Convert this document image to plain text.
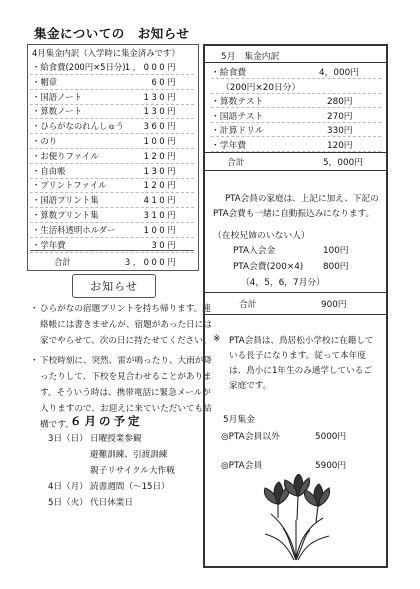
集金についての　お知らせ
4月集金内訳（入学時に集金済みです）
・給食費(200円×5日分) 1，000円
・帽章	60円
・国語ノート	130円
・算数ノート	130円
・ひらがなのれんしゅう 360円
・のり	100円
・お便りファイル	120円
・自由帳	130円
・プリントファイル	120円
・国語プリント集	410円
・算数プリント集	310円
・生活科透明ホルダー	100円
・学年費	30円
合計	3，000円
お知らせ
・ ひらがなの宿題プリントを持ち帰ります。連絡帳には書きませんが、宿題があった日には家でやらせて、次の日に持たせてください。
・ 下校時刻に、突然、雷が鳴ったり、大雨が降ったりして、下校を見合わせることがあります。そういう時は、携帯電話に緊急メールが入りますので、お迎えに来ていただいても結構です。
６月の予定
3日（日） 日曜授業参観
避難訓練、引渡訓練
親子リサイクル大作戦
4日（月） 読書週間（～15日）
5日（火） 代日休業日
5月　集金内訳
・給食費	4，000円
（200円×20日分）
・算数テスト	280円
・国語テスト	270円
・計算ドリル	330円
・学年費	120円
合計	5，000円
PTA会員の家庭は、上記に加え、下記のPTA会費も一緒に自動振込みになります。
（在校兄姉のいない人）
PTA入会金	100円
PTA会費(200×4) 800円
（4，5，6，7月分）
合計	900円
※ PTA会員は、鳥居松小学校に在籍している長子になります。従って本年度は、鳥小に1年生のみ通学しているご家庭です。
5月集金
◎PTA会員以外	5000円
◎PTA会員	5900円
